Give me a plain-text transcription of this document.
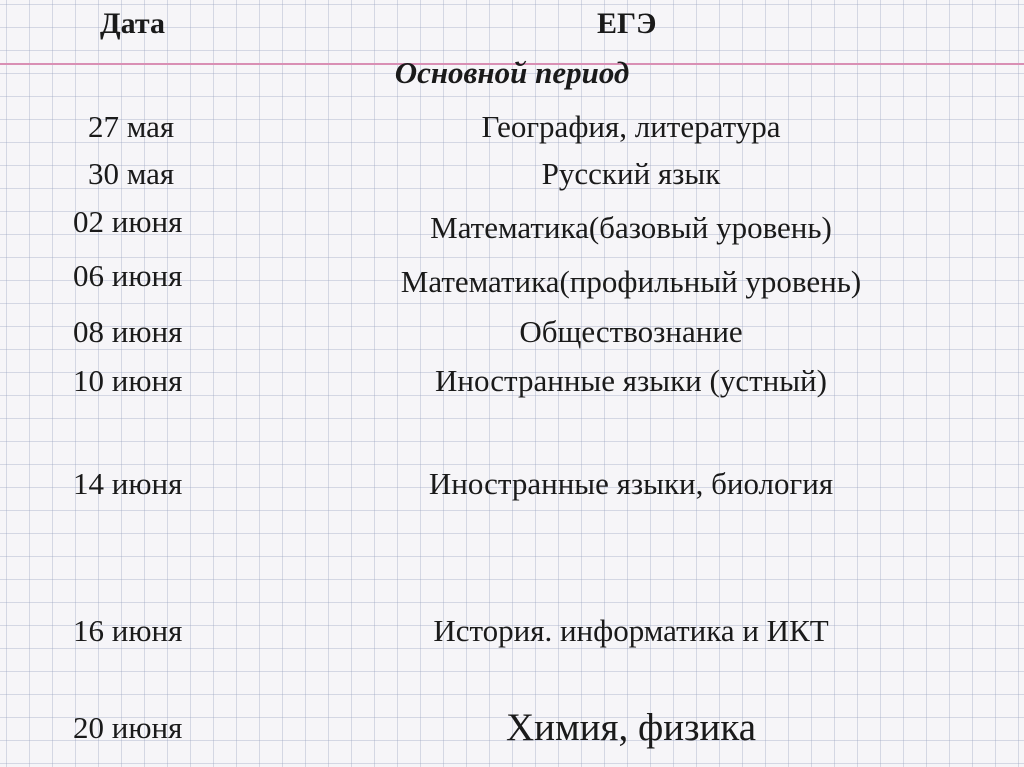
Дата	ЕГЭ
Основной период
27 мая	География, литература
30 мая	Русский язык
02 июня	Математика(базовый уровень)
06 июня	Математика(профильный уровень)
08 июня	Обществознание
10 июня	Иностранные языки (устный)
14 июня	Иностранные языки, биология
16 июня	История. информатика и ИКТ
20 июня	Химия, физика
